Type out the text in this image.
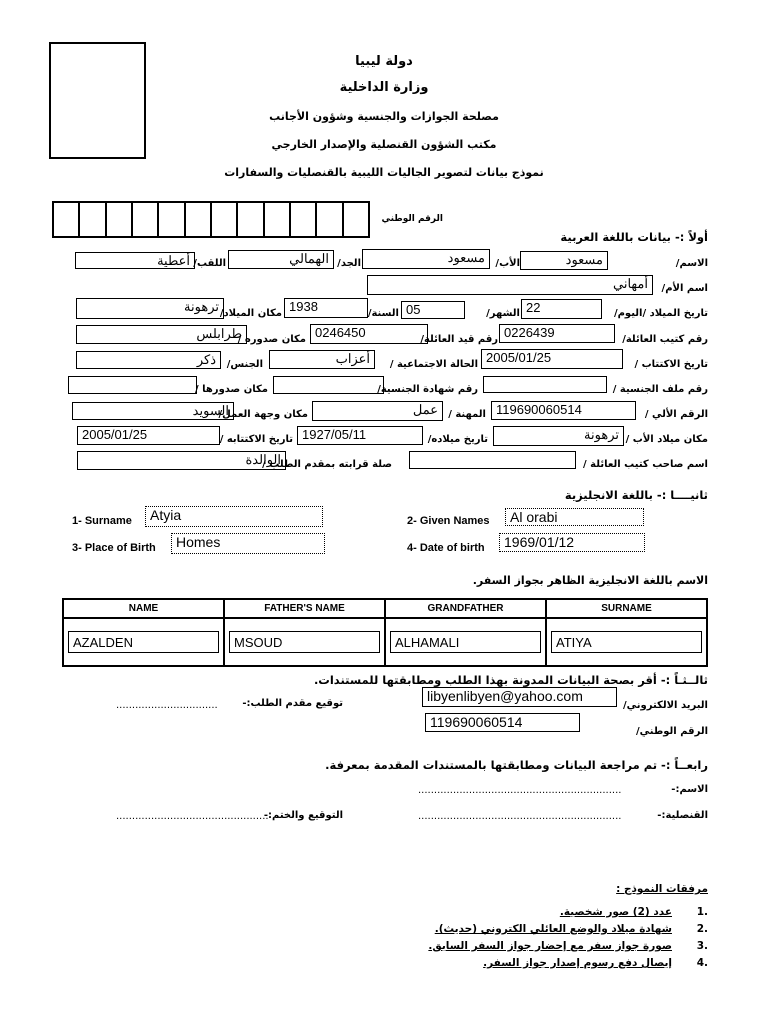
دولة ليبيا
وزارة الداخلية
مصلحة الجوازات والجنسية وشؤون الأجانب
مكتب الشؤون القنصلية والإصدار الخارجي
نموذج بيانات لتصوير الجاليات الليبية بالقنصليات والسفارات
الرقم الوطني
أولاً :- بيانات باللغة العربية
الاسم/
مسعود
الأب/
مسعود
الجد/
الهمالي
اللقب/
أعطية
اسم الأم/
أمهاني
تاريخ الميلاد /اليوم/
22
الشهر/
05
السنة/
1938
مكان الميلاد/
ترهونة
رقم كتيب العائلة/
0226439
رقم قيد العائلة/
0246450
مكان صدوره /
طرابلس
تاريخ الاكتتاب /
2005/01/25
الحالة الاجتماعية /
أعزاب
الجنس/
ذكر
رقم ملف الجنسية /
رقم شهادة الجنسية/
مكان صدورها /
الرقم الألي /
119690060514
المهنة /
عمل
مكان وجهة العمل/
السويد
مكان ميلاد الأب /
ترهونة
تاريخ ميلاده/
1927/05/11
تاريخ الاكتتابه /
2005/01/25
اسم صاحب كتيب العائلة /
صلة قرابته بمقدم الطلب /
الوالدة
ثانيــــا :- باللغة الانجليزية
1- Surname	Atyia	2- Given Names	Al orabi
3- Place of Birth	Homes	4- Date of birth	1969/01/12
الاسم باللغة الانجليزية الظاهر بجواز السفر.
NAME	FATHER'S NAME	GRANDFATHER	SURNAME

AZALDEN	MSOUD	ALHAMALI	ATIYA
ثالــثـاً :- أقر بصحة البيانات المدونة بهذا الطلب ومطابقتها للمستندات.
البريد الالكتروني/
libyenlibyen@yahoo.com
الرقم الوطني/
119690060514
توقيع مقدم الطلب:-
................................
رابعــاً :- تم مراجعة البيانات ومطابقتها بالمستندات المقدمة بمعرفة.
الاسم:-
................................................................
القنصلية:-
................................................................
التوقيع والختم:-
................................................
مرفقات النموذج :
.1
عدد (2) صور شخصية.
.2
شهادة ميلاد والوضع العائلي الكتروني (حديث).
.3
صورة جواز سفر مع إحضار جواز السفر السابق.
.4
إيصال دفع رسوم إصدار جواز السفر.
